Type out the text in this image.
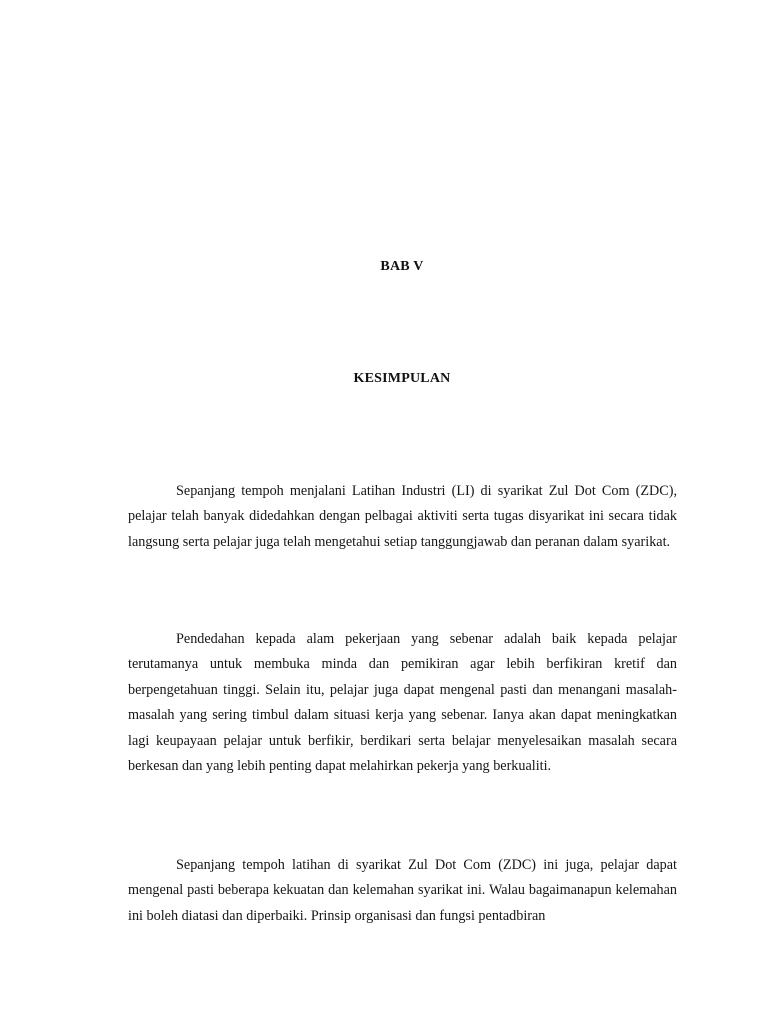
BAB V
KESIMPULAN

Sepanjang tempoh menjalani Latihan Industri (LI) di syarikat Zul Dot Com (ZDC), pelajar telah banyak didedahkan dengan pelbagai aktiviti serta tugas disyarikat ini secara tidak langsung serta pelajar juga telah mengetahui setiap tanggungjawab dan peranan dalam syarikat.

Pendedahan kepada alam pekerjaan yang sebenar adalah baik kepada pelajar terutamanya untuk membuka minda dan pemikiran agar lebih berfikiran kretif dan berpengetahuan tinggi. Selain itu, pelajar juga dapat mengenal pasti dan menangani masalah-masalah yang sering timbul dalam situasi kerja yang sebenar. Ianya akan dapat meningkatkan lagi keupayaan pelajar untuk berfikir, berdikari serta belajar menyelesaikan masalah secara berkesan dan yang lebih penting dapat melahirkan pekerja yang berkualiti.

Sepanjang tempoh latihan di syarikat Zul Dot Com (ZDC) ini juga, pelajar dapat mengenal pasti beberapa kekuatan dan kelemahan syarikat ini. Walau bagaimanapun kelemahan ini boleh diatasi dan diperbaiki. Prinsip organisasi dan fungsi pentadbiran
